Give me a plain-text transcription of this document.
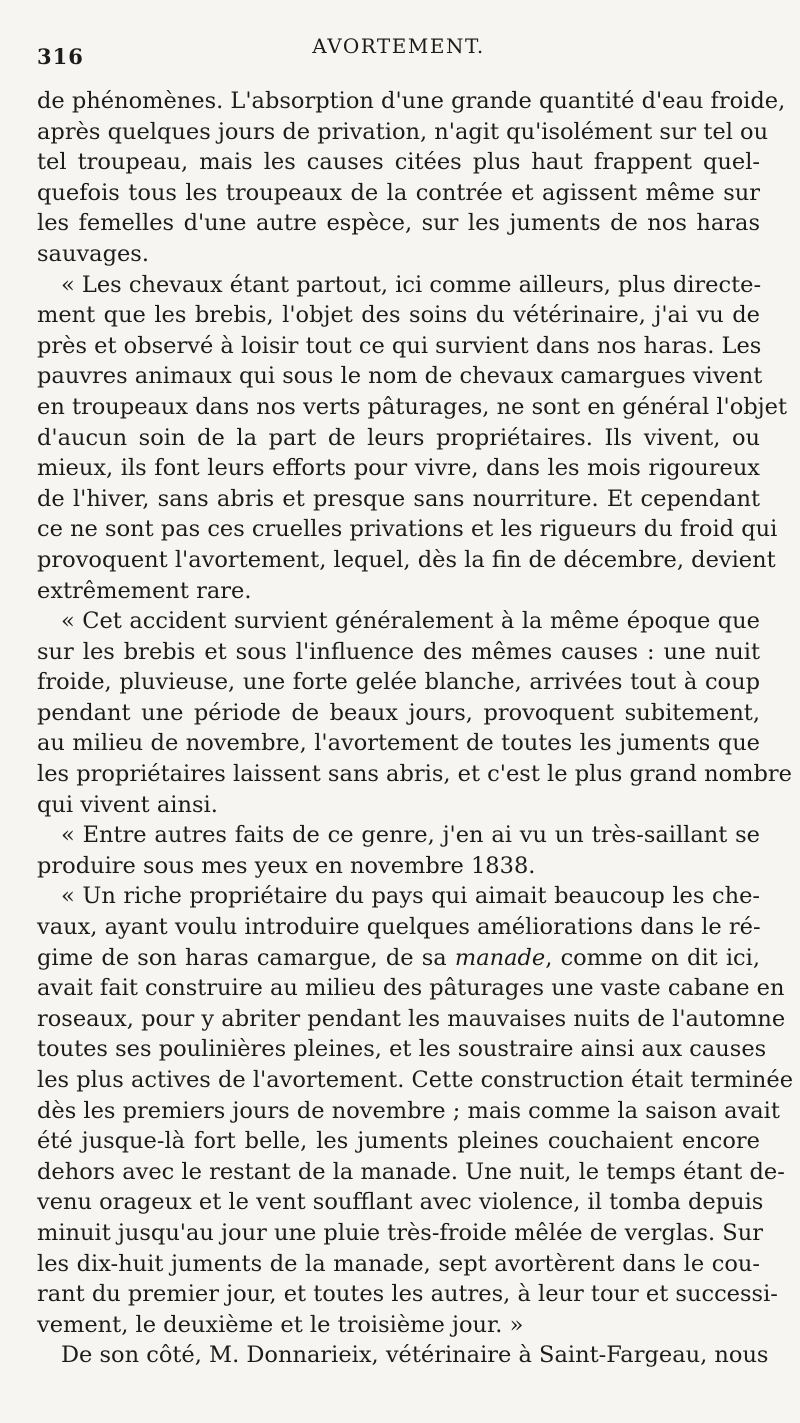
316	AVORTEMENT.
de phénomènes. L'absorption d'une grande quantité d'eau froide,
après quelques jours de privation, n'agit qu'isolément sur tel ou
tel troupeau, mais les causes citées plus haut frappent quel-
quefois tous les troupeaux de la contrée et agissent même sur
les femelles d'une autre espèce, sur les juments de nos haras
sauvages.
« Les chevaux étant partout, ici comme ailleurs, plus directe-
ment que les brebis, l'objet des soins du vétérinaire, j'ai vu de
près et observé à loisir tout ce qui survient dans nos haras. Les
pauvres animaux qui sous le nom de chevaux camargues vivent
en troupeaux dans nos verts pâturages, ne sont en général l'objet
d'aucun soin de la part de leurs propriétaires. Ils vivent, ou
mieux, ils font leurs efforts pour vivre, dans les mois rigoureux
de l'hiver, sans abris et presque sans nourriture. Et cependant
ce ne sont pas ces cruelles privations et les rigueurs du froid qui
provoquent l'avortement, lequel, dès la fin de décembre, devient
extrêmement rare.
« Cet accident survient généralement à la même époque que
sur les brebis et sous l'influence des mêmes causes : une nuit
froide, pluvieuse, une forte gelée blanche, arrivées tout à coup
pendant une période de beaux jours, provoquent subitement,
au milieu de novembre, l'avortement de toutes les juments que
les propriétaires laissent sans abris, et c'est le plus grand nombre
qui vivent ainsi.
« Entre autres faits de ce genre, j'en ai vu un très-saillant se
produire sous mes yeux en novembre 1838.
« Un riche propriétaire du pays qui aimait beaucoup les che-
vaux, ayant voulu introduire quelques améliorations dans le ré-
gime de son haras camargue, de sa manade, comme on dit ici,
avait fait construire au milieu des pâturages une vaste cabane en
roseaux, pour y abriter pendant les mauvaises nuits de l'automne
toutes ses poulinières pleines, et les soustraire ainsi aux causes
les plus actives de l'avortement. Cette construction était terminée
dès les premiers jours de novembre ; mais comme la saison avait
été jusque-là fort belle, les juments pleines couchaient encore
dehors avec le restant de la manade. Une nuit, le temps étant de-
venu orageux et le vent soufflant avec violence, il tomba depuis
minuit jusqu'au jour une pluie très-froide mêlée de verglas. Sur
les dix-huit juments de la manade, sept avortèrent dans le cou-
rant du premier jour, et toutes les autres, à leur tour et successi-
vement, le deuxième et le troisième jour. »
De son côté, M. Donnarieix, vétérinaire à Saint-Fargeau, nous
